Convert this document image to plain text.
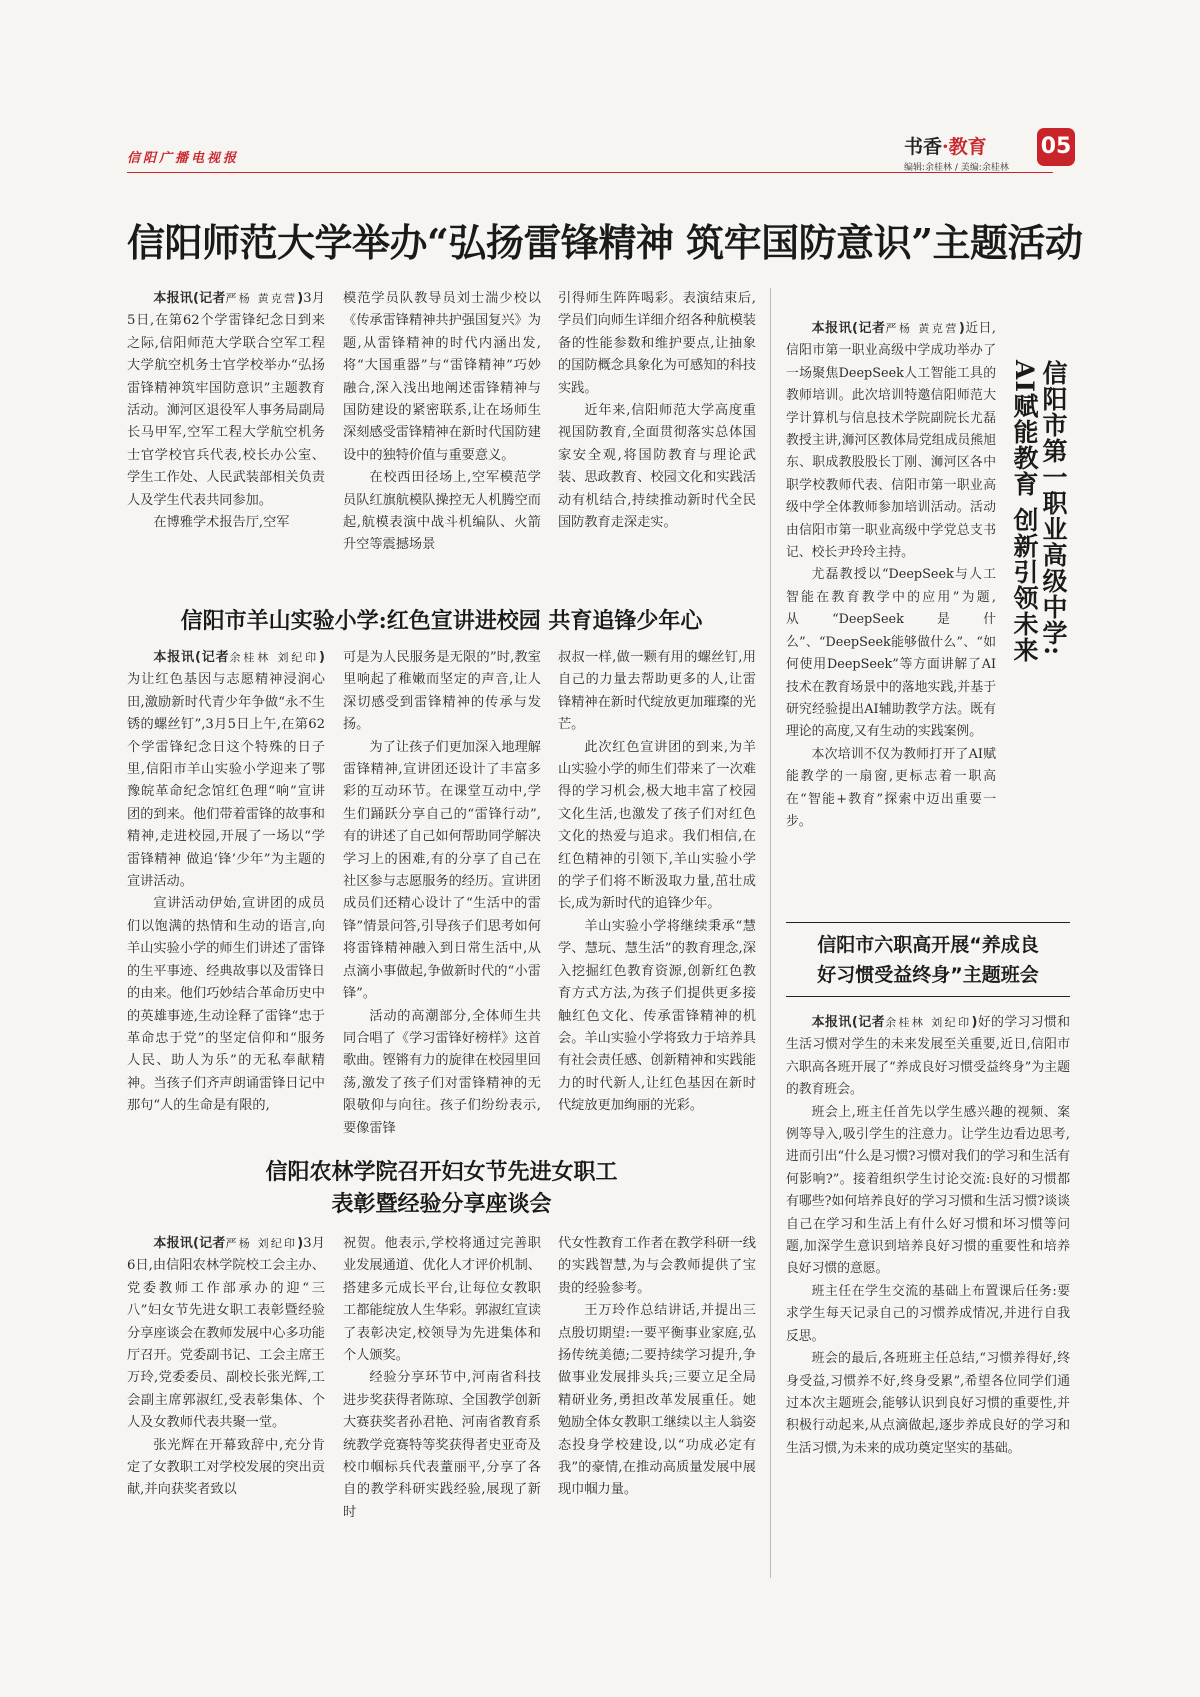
信阳广播电视报
书香·教育
编辑:余桂林 / 美编:余桂林
05
信阳师范大学举办“弘扬雷锋精神 筑牢国防意识”主题活动

本报讯(记者严杨 黄克营)3月5日,在第62个学雷锋纪念日到来之际,信阳师范大学联合空军工程大学航空机务士官学校举办“弘扬雷锋精神筑牢国防意识”主题教育活动。浉河区退役军人事务局副局长马甲军,空军工程大学航空机务士官学校官兵代表,校长办公室、学生工作处、人民武装部相关负责人及学生代表共同参加。

在博雅学术报告厅,空军

模范学员队教导员刘士湍少校以《传承雷锋精神共护强国复兴》为题,从雷锋精神的时代内涵出发,将“大国重器”与“雷锋精神”巧妙融合,深入浅出地阐述雷锋精神与国防建设的紧密联系,让在场师生深刻感受雷锋精神在新时代国防建设中的独特价值与重要意义。

在校西田径场上,空军模范学员队红旗航模队操控无人机腾空而起,航模表演中战斗机编队、火箭升空等震撼场景

引得师生阵阵喝彩。表演结束后,学员们向师生详细介绍各种航模装备的性能参数和维护要点,让抽象的国防概念具象化为可感知的科技实践。

近年来,信阳师范大学高度重视国防教育,全面贯彻落实总体国家安全观,将国防教育与理论武装、思政教育、校园文化和实践活动有机结合,持续推动新时代全民国防教育走深走实。

信阳市羊山实验小学:红色宣讲进校园 共育追锋少年心

本报讯(记者余桂林 刘纪印)为让红色基因与志愿精神浸润心田,激励新时代青少年争做“永不生锈的螺丝钉”,3月5日上午,在第62个学雷锋纪念日这个特殊的日子里,信阳市羊山实验小学迎来了鄂豫皖革命纪念馆红色理“响”宣讲团的到来。他们带着雷锋的故事和精神,走进校园,开展了一场以“学雷锋精神 做追‘锋’少年”为主题的宣讲活动。

宣讲活动伊始,宣讲团的成员们以饱满的热情和生动的语言,向羊山实验小学的师生们讲述了雷锋的生平事迹、经典故事以及雷锋日的由来。他们巧妙结合革命历史中的英雄事迹,生动诠释了雷锋“忠于革命忠于党”的坚定信仰和“服务人民、助人为乐”的无私奉献精神。当孩子们齐声朗诵雷锋日记中那句“人的生命是有限的,

可是为人民服务是无限的”时,教室里响起了稚嫩而坚定的声音,让人深切感受到雷锋精神的传承与发扬。

为了让孩子们更加深入地理解雷锋精神,宣讲团还设计了丰富多彩的互动环节。在课堂互动中,学生们踊跃分享自己的“雷锋行动”,有的讲述了自己如何帮助同学解决学习上的困难,有的分享了自己在社区参与志愿服务的经历。宣讲团成员们还精心设计了“生活中的雷锋”情景问答,引导孩子们思考如何将雷锋精神融入到日常生活中,从点滴小事做起,争做新时代的“小雷锋”。

活动的高潮部分,全体师生共同合唱了《学习雷锋好榜样》这首歌曲。铿锵有力的旋律在校园里回荡,激发了孩子们对雷锋精神的无限敬仰与向往。孩子们纷纷表示,要像雷锋

叔叔一样,做一颗有用的螺丝钉,用自己的力量去帮助更多的人,让雷锋精神在新时代绽放更加璀璨的光芒。

此次红色宣讲团的到来,为羊山实验小学的师生们带来了一次难得的学习机会,极大地丰富了校园文化生活,也激发了孩子们对红色文化的热爱与追求。我们相信,在红色精神的引领下,羊山实验小学的学子们将不断汲取力量,茁壮成长,成为新时代的追锋少年。

羊山实验小学将继续秉承“慧学、慧玩、慧生活”的教育理念,深入挖掘红色教育资源,创新红色教育方式方法,为孩子们提供更多接触红色文化、传承雷锋精神的机会。羊山实验小学将致力于培养具有社会责任感、创新精神和实践能力的时代新人,让红色基因在新时代绽放更加绚丽的光彩。

信阳农林学院召开妇女节先进女职工
表彰暨经验分享座谈会

本报讯(记者严杨 刘纪印)3月6日,由信阳农林学院校工会主办、党委教师工作部承办的迎“三八”妇女节先进女职工表彰暨经验分享座谈会在教师发展中心多功能厅召开。党委副书记、工会主席王万玲,党委委员、副校长张光辉,工会副主席郭淑红,受表彰集体、个人及女教师代表共聚一堂。

张光辉在开幕致辞中,充分肯定了女教职工对学校发展的突出贡献,并向获奖者致以

祝贺。他表示,学校将通过完善职业发展通道、优化人才评价机制、搭建多元成长平台,让每位女教职工都能绽放人生华彩。郭淑红宣读了表彰决定,校领导为先进集体和个人颁奖。

经验分享环节中,河南省科技进步奖获得者陈琼、全国教学创新大赛获奖者孙君艳、河南省教育系统教学竞赛特等奖获得者史亚奇及校巾帼标兵代表蕫丽平,分享了各自的教学科研实践经验,展现了新时

代女性教育工作者在教学科研一线的实践智慧,为与会教师提供了宝贵的经验参考。

王万玲作总结讲话,并提出三点殷切期望:一要平衡事业家庭,弘扬传统美德;二要持续学习提升,争做事业发展排头兵;三要立足全局精研业务,勇担改革发展重任。她勉励全体女教职工继续以主人翁姿态投身学校建设,以“功成必定有我”的豪情,在推动高质量发展中展现巾帼力量。

本报讯(记者严杨 黄克营)近日,信阳市第一职业高级中学成功举办了一场聚焦DeepSeek人工智能工具的教师培训。此次培训特邀信阳师范大学计算机与信息技术学院副院长尤磊教授主讲,浉河区教体局党组成员熊旭东、职成教股股长丁刚、浉河区各中职学校教师代表、信阳市第一职业高级中学全体教师参加培训活动。活动由信阳市第一职业高级中学党总支书记、校长尹玲玲主持。

尤磊教授以“DeepSeek与人工智能在教育教学中的应用”为题,从“DeepSeek是什么”、“DeepSeek能够做什么”、“如何使用DeepSeek”等方面讲解了AI技术在教育场景中的落地实践,并基于研究经验提出AI辅助教学方法。既有理论的高度,又有生动的实践案例。

本次培训不仅为教师打开了AI赋能教学的一扇窗,更标志着一职高在“智能+教育”探索中迈出重要一步。

信阳市第一职业高级中学:
AI赋能教育 创新引领未来
信阳市六职高开展“养成良
好习惯受益终身”主题班会

本报讯(记者余桂林 刘纪印)好的学习习惯和生活习惯对学生的未来发展至关重要,近日,信阳市六职高各班开展了“养成良好习惯受益终身”为主题的教育班会。

班会上,班主任首先以学生感兴趣的视频、案例等导入,吸引学生的注意力。让学生边看边思考,进而引出“什么是习惯?习惯对我们的学习和生活有何影响?”。接着组织学生讨论交流:良好的习惯都有哪些?如何培养良好的学习习惯和生活习惯?谈谈自己在学习和生活上有什么好习惯和坏习惯等问题,加深学生意识到培养良好习惯的重要性和培养良好习惯的意愿。

班主任在学生交流的基础上布置课后任务:要求学生每天记录自己的习惯养成情况,并进行自我反思。

班会的最后,各班班主任总结,“习惯养得好,终身受益,习惯养不好,终身受累”,希望各位同学们通过本次主题班会,能够认识到良好习惯的重要性,并积极行动起来,从点滴做起,逐步养成良好的学习和生活习惯,为未来的成功奠定坚实的基础。
